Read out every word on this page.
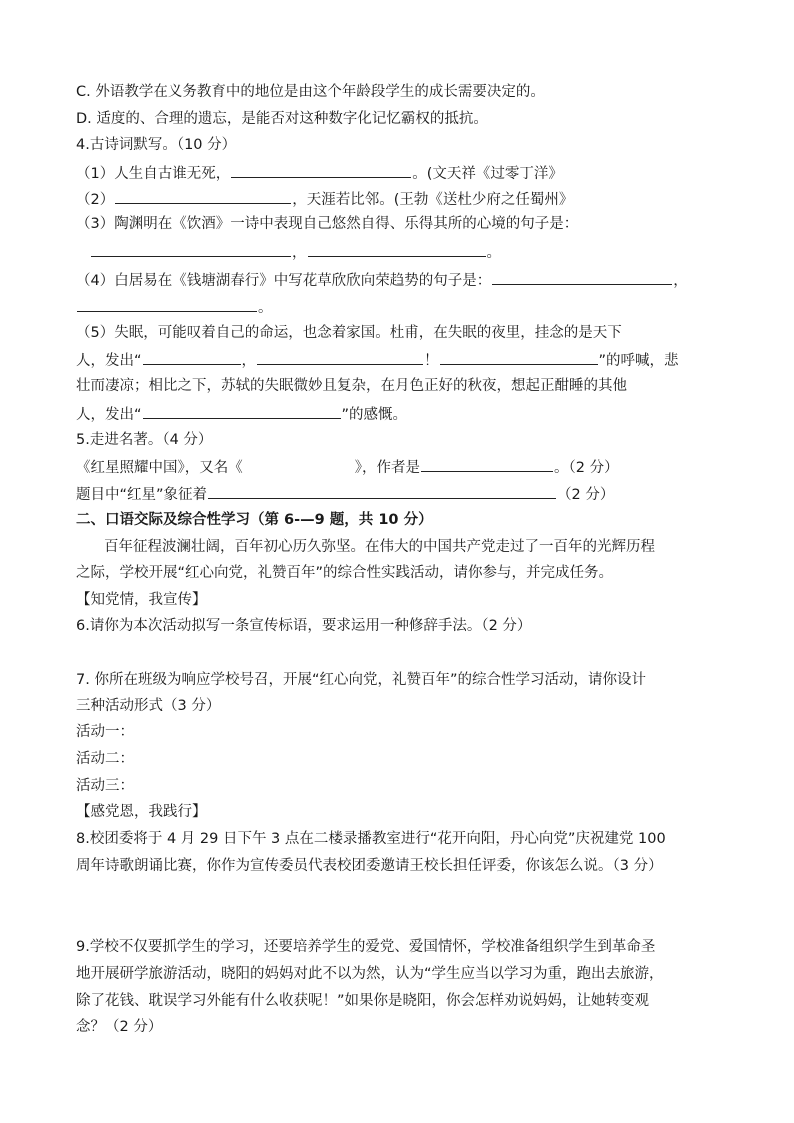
C. 外语教学在义务教育中的地位是由这个年龄段学生的成长需要决定的。
D. 适度的、合理的遗忘，是能否对这种数字化记忆霸权的抵抗。
4.古诗词默写。（10 分）
（1）人生自古谁无死，	。(文天祥《过零丁洋》
（2）	，天涯若比邻。(王勃《送杜少府之任蜀州》
（3）陶渊明在《饮酒》一诗中表现自己悠然自得、乐得其所的心境的句子是：
，	。
（4）白居易在《钱塘湖春行》中写花草欣欣向荣趋势的句子是：	，
。
（5）失眠，可能叹着自己的命运，也念着家国。杜甫，在失眠的夜里，挂念的是天下
人，发出“	，	！	”的呼喊，悲
壮而凄凉；相比之下，苏轼的失眠微妙且复杂，在月色正好的秋夜，想起正酣睡的其他
人，发出“	”的感慨。
5.走进名著。（4 分）
《红星照耀中国》，又名《	》，作者是	。（2 分）
题目中“红星”象征着	（2 分）
二、口语交际及综合性学习（第 6-—9 题，共 10 分）
百年征程波澜壮阔，百年初心历久弥坚。在伟大的中国共产党走过了一百年的光辉历程
之际，学校开展“红心向党，礼赞百年”的综合性实践活动，请你参与，并完成任务。
【知党情，我宣传】
6.请你为本次活动拟写一条宣传标语，要求运用一种修辞手法。（2 分）
7. 你所在班级为响应学校号召，开展“红心向党，礼赞百年”的综合性学习活动，请你设计
三种活动形式（3 分）
活动一：
活动二：
活动三：
【感党恩，我践行】
8.校团委将于 4 月 29 日下午 3 点在二楼录播教室进行“花开向阳，丹心向党”庆祝建党 100
周年诗歌朗诵比赛，你作为宣传委员代表校团委邀请王校长担任评委，你该怎么说。（3 分）
9.学校不仅要抓学生的学习，还要培养学生的爱党、爱国情怀，学校准备组织学生到革命圣
地开展研学旅游活动，晓阳的妈妈对此不以为然，认为“学生应当以学习为重，跑出去旅游，
除了花钱、耽误学习外能有什么收获呢！”如果你是晓阳，你会怎样劝说妈妈，让她转变观
念？（2 分）
